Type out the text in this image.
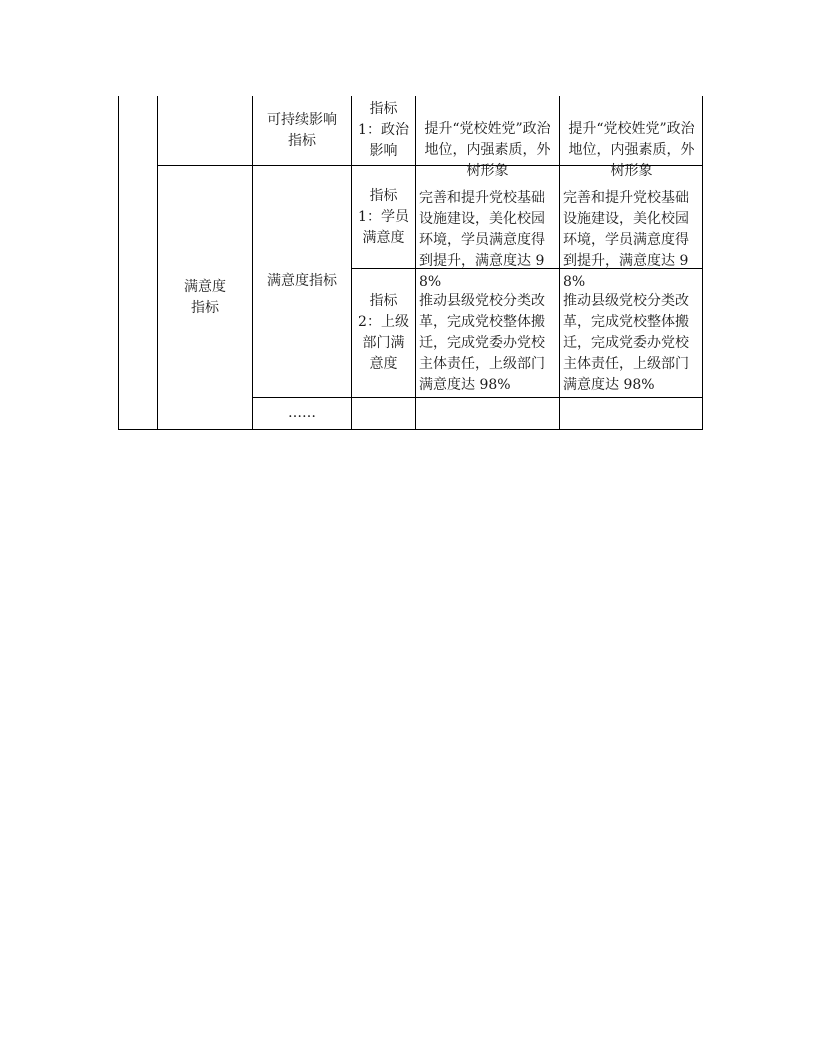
可持续影响
指标
指标
1：政治
影响

提升“党校姓党”政治地位，内强素质，外树形象

提升“党校姓党”政治地位，内强素质，外树形象

满意度
指标
满意度指标
指标
1：学员
满意度

完善和提升党校基础设施建设，美化校园环境，学员满意度得到提升，满意度达 98%

完善和提升党校基础设施建设，美化校园环境，学员满意度得到提升，满意度达 98%

指标
2：上级
部门满
意度

推动县级党校分类改革，完成党校整体搬迁，完成党委办党校主体责任，上级部门满意度达 98%

推动县级党校分类改革，完成党校整体搬迁，完成党委办党校主体责任，上级部门满意度达 98%

……
